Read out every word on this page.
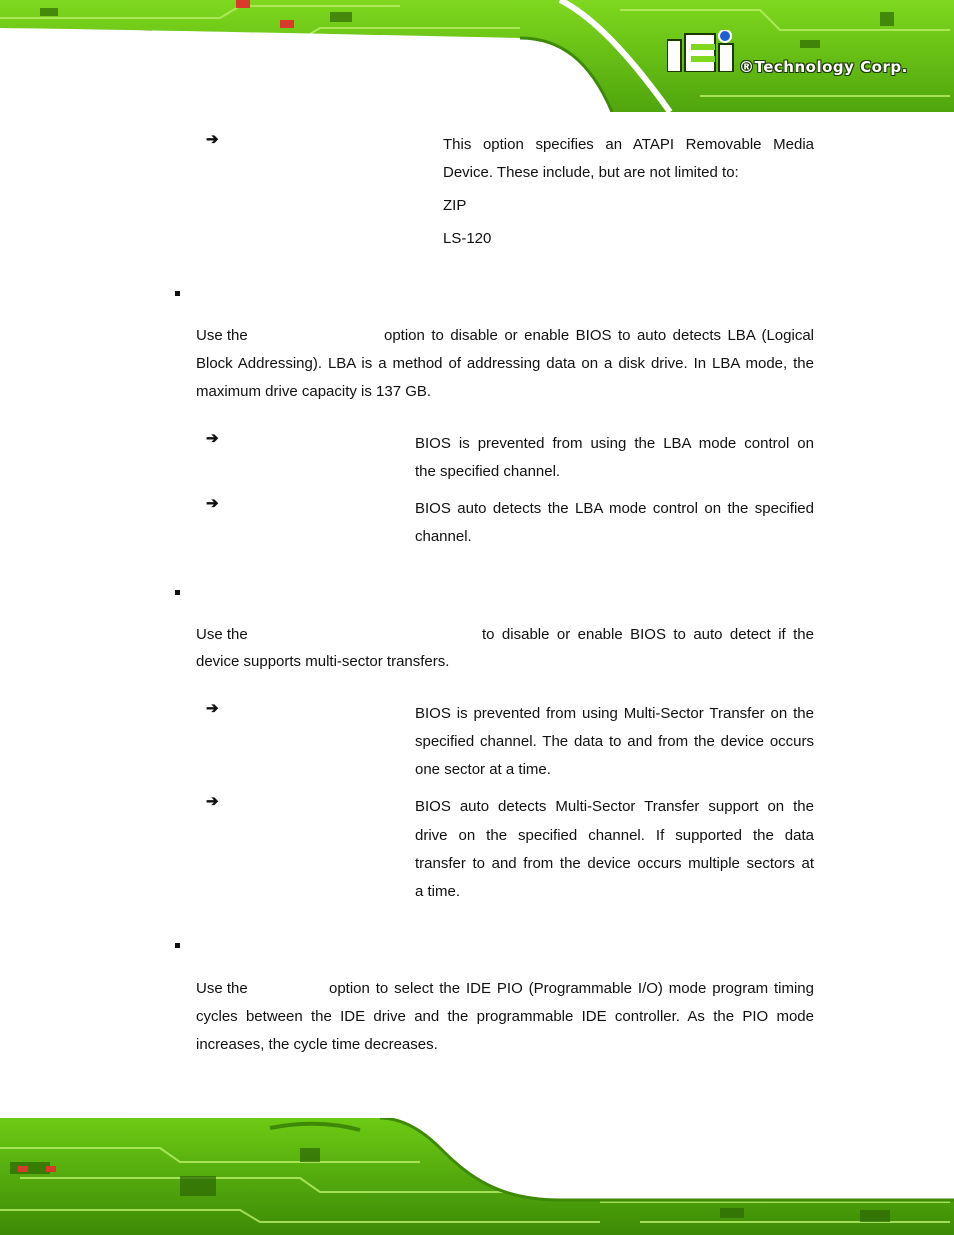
®Technology Corp.
➔	This option specifies an ATAPI Removable Media
Device. These include, but are not limited to:
ZIP
LS-120
Use the	option to disable or enable BIOS to auto detects LBA (Logical Block Addressing). LBA is a method of addressing data on a disk drive. In LBA mode, the maximum drive capacity is 137 GB.
➔	BIOS is prevented from using the LBA mode control on
the specified channel.
➔	BIOS auto detects the LBA mode control on the specified
channel.
Use the	to disable or enable BIOS to auto detect if the
device supports multi-sector transfers.
➔	BIOS is prevented from using Multi-Sector Transfer on the
specified channel. The data to and from the device occurs
one sector at a time.
➔	BIOS auto detects Multi-Sector Transfer support on the
drive on the specified channel. If supported the data
transfer to and from the device occurs multiple sectors at
a time.
Use the	option to select the IDE PIO (Programmable I/O) mode program timing cycles between the IDE drive and the programmable IDE controller. As the PIO mode increases, the cycle time decreases.
